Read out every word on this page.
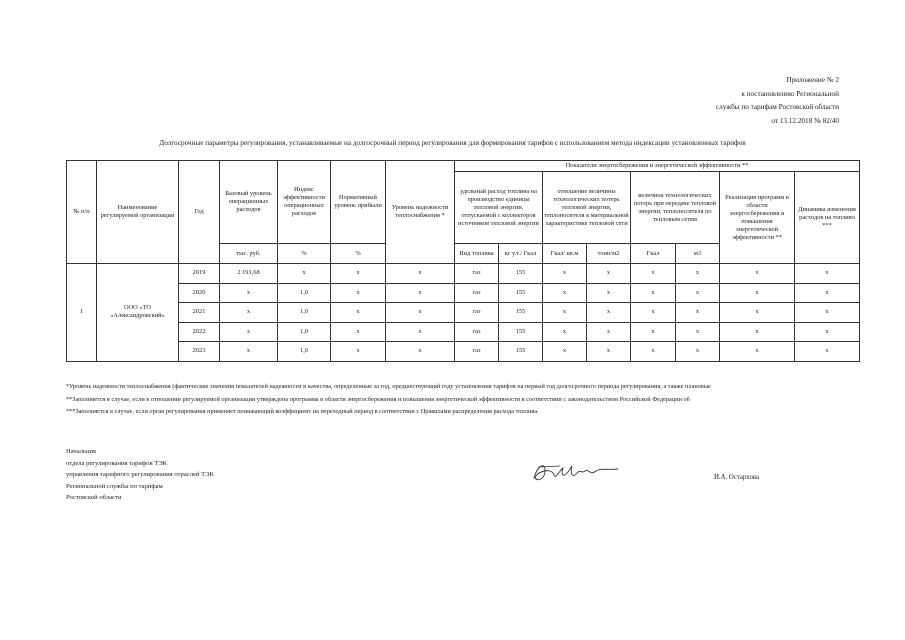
Приложение № 2
к постановлению Региональной
службы по тарифам Ростовской области
от 13.12.2018 № 82/40
Долгосрочные параметры регулирования, устанавливаемые на долгосрочный период регулирования для формирования тарифов с использованием метода индексации установленных тарифов
№ п/п	Наименование регулируемой организации	Год	Базовый уровень операционных расходов	Индекс эффективности операционных расходов	Нормативный уровень прибыли	Уровень надежности теплоснабжения *	Показатели энергосбережения и энергетической эффективности **							
							удельный расход топлива на производство единицы тепловой энергии, отпускаемой с коллекторов источников тепловой энергии		отношение величины технологических потерь тепловой энергии, теплоносителя к материальной характеристике тепловой сети		величина технологических потерь при передаче тепловой энергии, теплоносителя по тепловым сетям		Реализация программ в области энергосбережения и повышения энергетической эффективности **	Динамика изменения расходов на топливо ***
			тыс. руб.	%	%		Вид топлива	кг у.т./ Гкал	Гкал/ кв.м	тонн/м2	Гкал	м3		
1	ООО «ТО «Александровский»	2019	2 191,68	х	х	х	газ	155	х	х	х	х	х	х
		2020	х	1,0	х	х	газ	155	х	х	х	х	х	х
		2021	х	1,0	х	х	газ	155	х	х	х	х	х	х
		2022	х	1,0	х	х	газ	155	х	х	х	х	х	х
		2023	х	1,0	х	х	газ	155	х	х	х	х	х	х
*Уровень надежности теплоснабжения (фактические значения показателей надежности и качества, определенные за год, предшествующий году установления тарифов на первый год долгосрочного периода регулирования, а также плановые
**Заполняется в случае, если в отношении регулируемой организации утверждена программа в области энергосбережения и повышения энергетической эффективности в соответствии с законодательством Российской Федерации об
***Заполняется в случае, если орган регулирования применяет понижающий коэффициент на переходный период в соответствии с Правилами распределения расхода топлива.
Начальник
отдела регулирования тарифов ТЭК
управления тарифного регулирования отраслей ТЭК
Региональной службы по тарифам
Ростовской области
И.А. Остархова
